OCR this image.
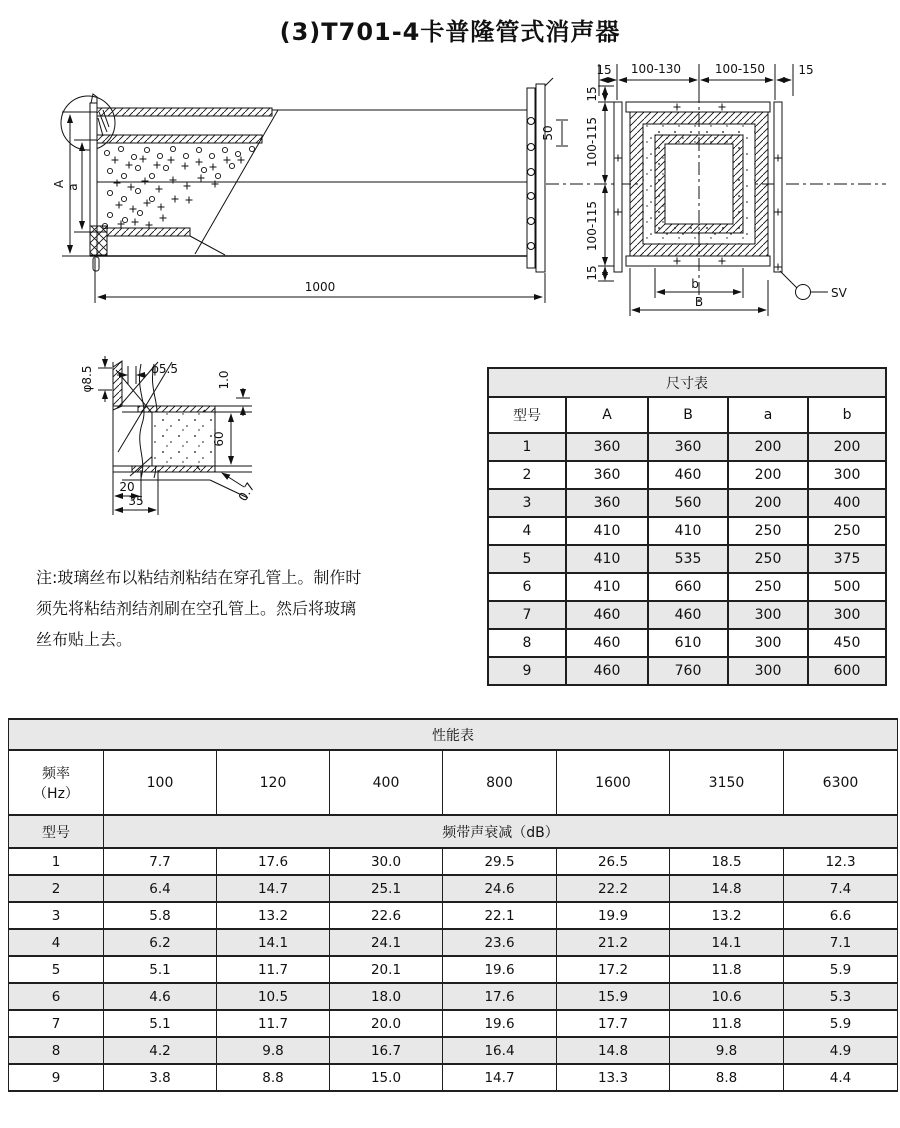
(3)T701-4卡普隆管式消声器
50
A a
1000
15 100-130	100-150	15
15
100-115
100-115
15
b
B
SV
φ8.5	φ5.5
1.0
60
0.7
20
35
注:玻璃丝布以粘结剂粘结在穿孔管上。制作时
须先将粘结剂结剂刷在空孔管上。然后将玻璃
丝布贴上去。
尺寸表				
型号	A	B	a	b
1	360	360	200	200
2	360	460	200	300
3	360	560	200	400
4	410	410	250	250
5	410	535	250	375
6	410	660	250	500
7	460	460	300	300
8	460	610	300	450
9	460	760	300	600
性能表							

频率
（Hz）	100	120	400	800	1600	3150	6300
型号	频带声衰减（dB）						
1	7.7	17.6	30.0	29.5	26.5	18.5	12.3
2	6.4	14.7	25.1	24.6	22.2	14.8	7.4
3	5.8	13.2	22.6	22.1	19.9	13.2	6.6
4	6.2	14.1	24.1	23.6	21.2	14.1	7.1
5	5.1	11.7	20.1	19.6	17.2	11.8	5.9
6	4.6	10.5	18.0	17.6	15.9	10.6	5.3
7	5.1	11.7	20.0	19.6	17.7	11.8	5.9
8	4.2	9.8	16.7	16.4	14.8	9.8	4.9
9	3.8	8.8	15.0	14.7	13.3	8.8	4.4
